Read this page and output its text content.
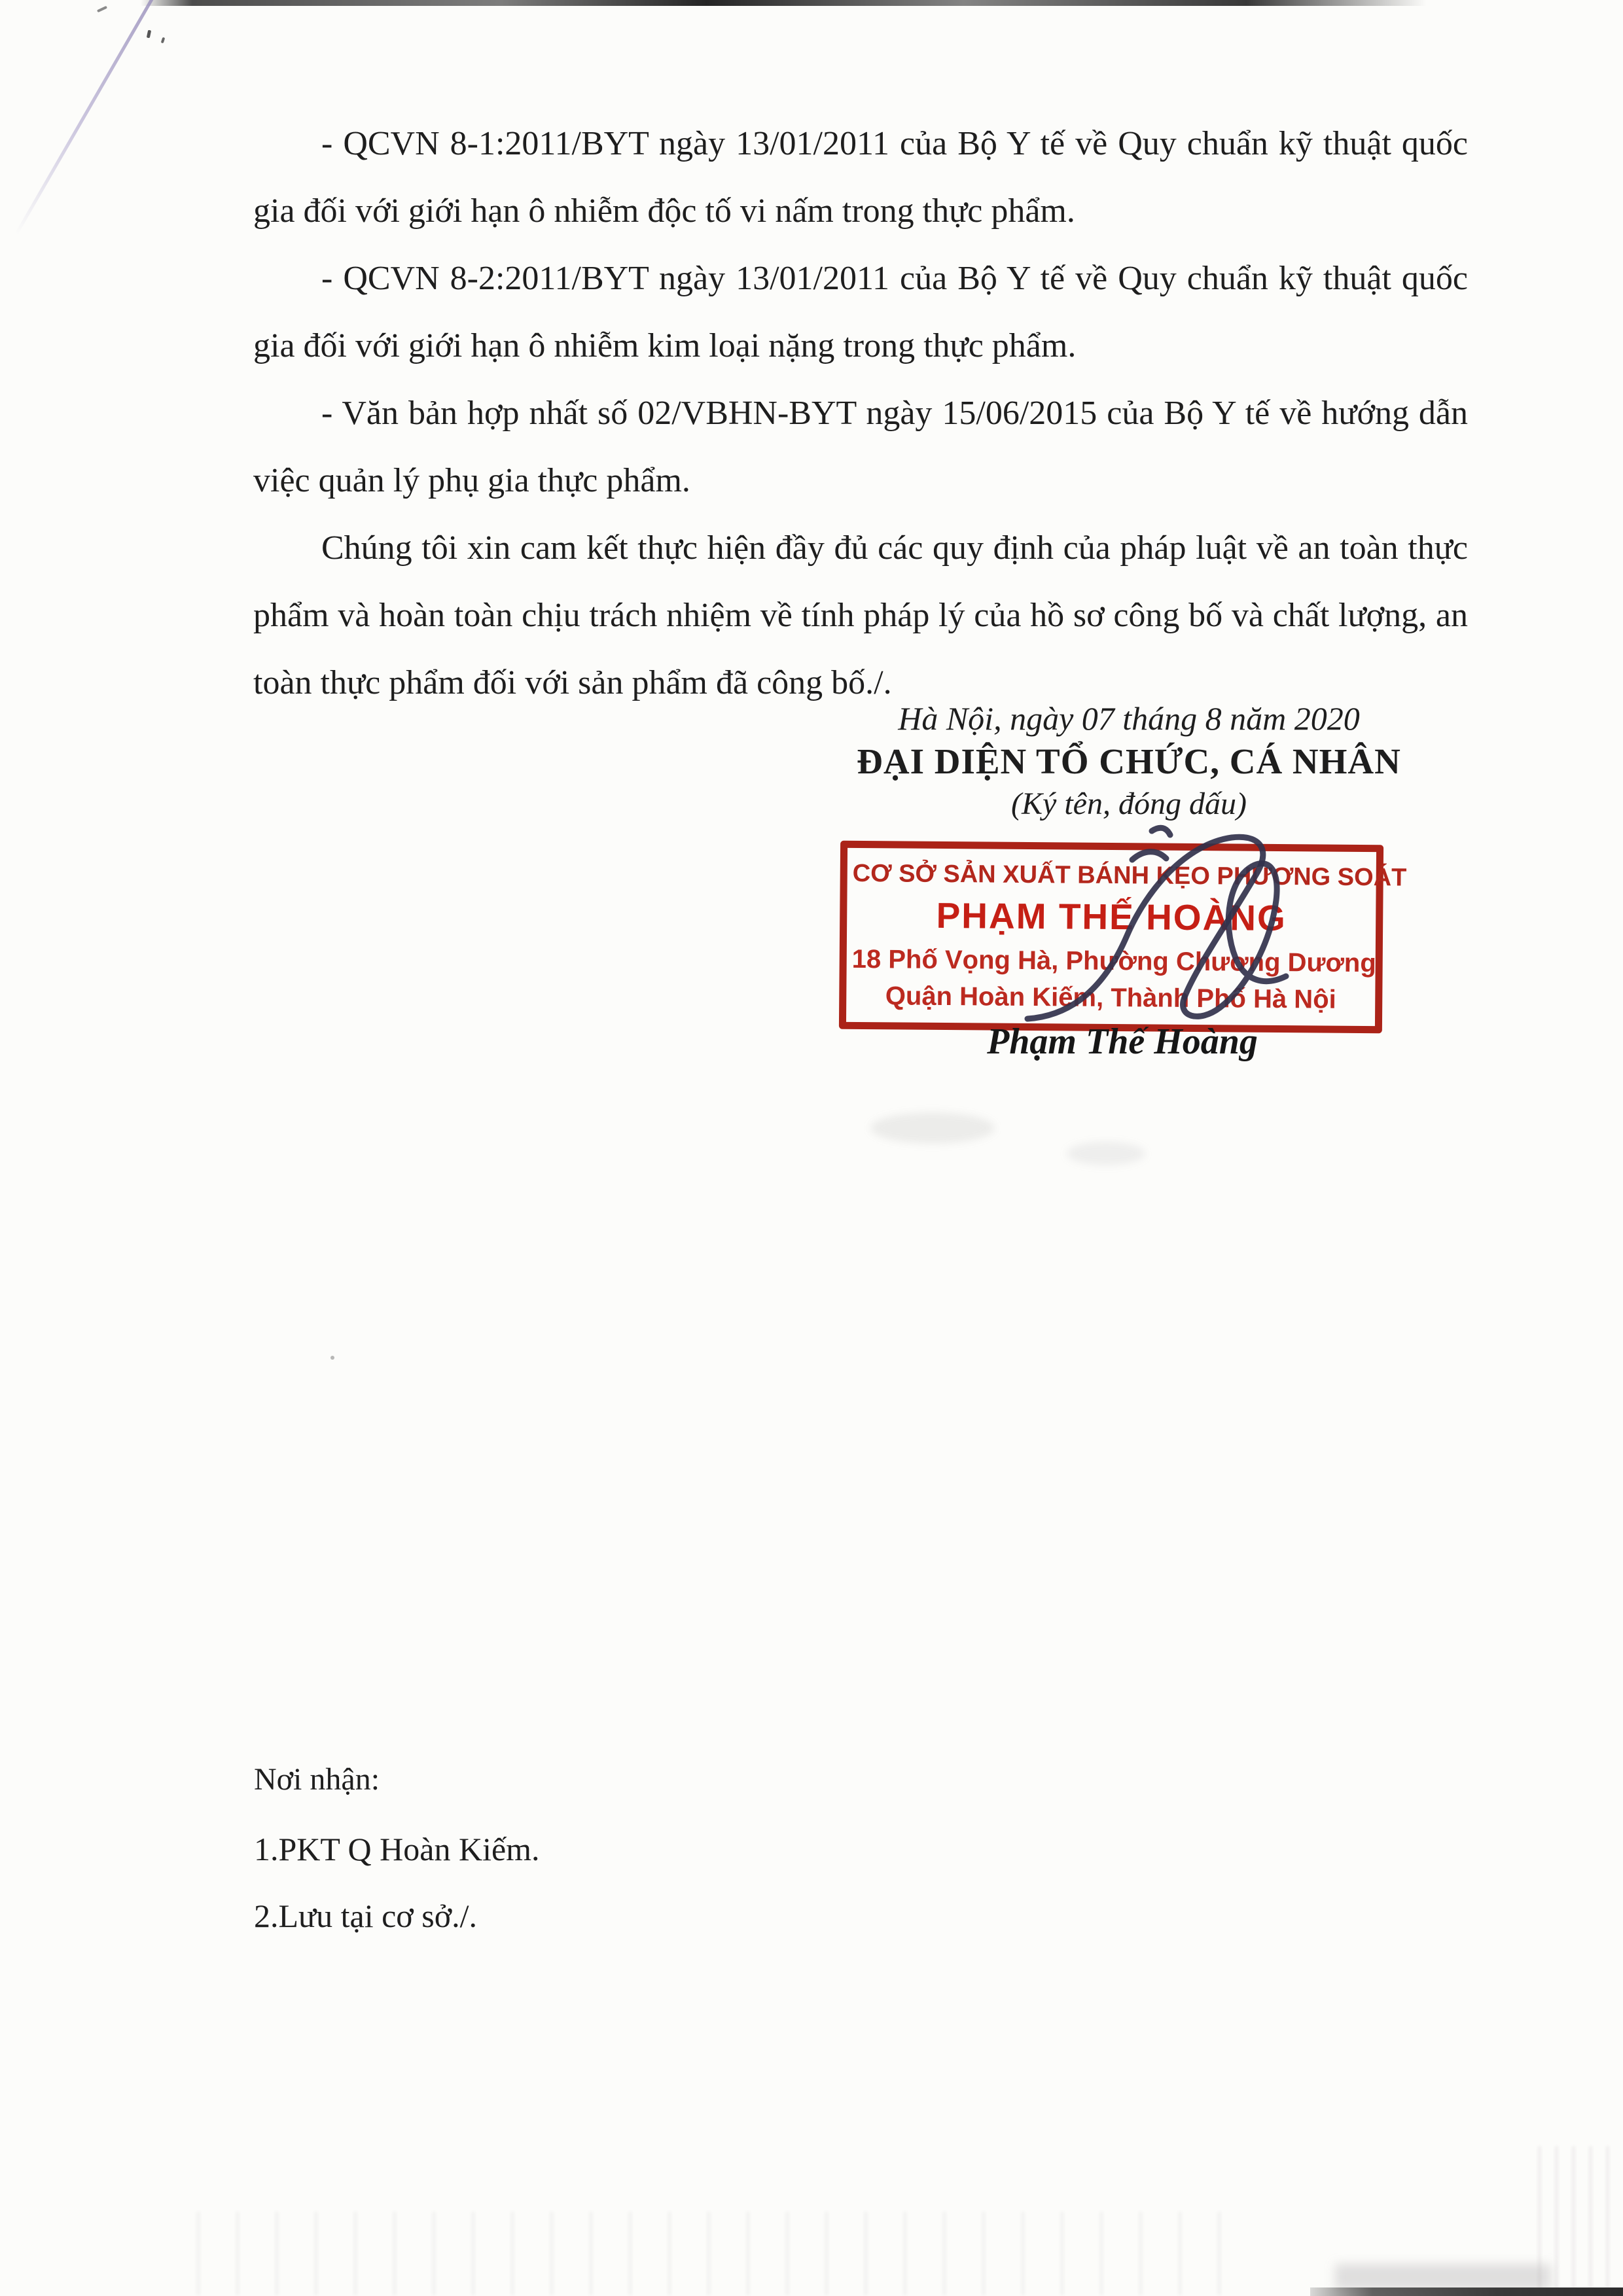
- QCVN 8-1:2011/BYT ngày 13/01/2011 của Bộ Y tế về Quy chuẩn kỹ thuật quốc gia đối với giới hạn ô nhiễm độc tố vi nấm trong thực phẩm.

- QCVN 8-2:2011/BYT ngày 13/01/2011 của Bộ Y tế về Quy chuẩn kỹ thuật quốc gia đối với giới hạn ô nhiễm kim loại nặng trong thực phẩm.

- Văn bản hợp nhất số 02/VBHN-BYT ngày 15/06/2015 của Bộ Y tế về hướng dẫn việc quản lý phụ gia thực phẩm.

Chúng tôi xin cam kết thực hiện đầy đủ các quy định của pháp luật về an toàn thực phẩm và hoàn toàn chịu trách nhiệm về tính pháp lý của hồ sơ công bố và chất lượng, an toàn thực phẩm đối với sản phẩm đã công bố./.

Hà Nội, ngày 07 tháng 8 năm 2020
ĐẠI DIỆN TỔ CHỨC, CÁ NHÂN
(Ký tên, đóng dấu)
CƠ SỞ SẢN XUẤT BÁNH KẸO PHƯƠNG SOÁT
PHẠM THẾ HOÀNG
18 Phố Vọng Hà, Phường Chương Dương
Quận Hoàn Kiếm, Thành Phố Hà Nội
Phạm Thế Hoàng

Nơi nhận:

1.PKT Q Hoàn Kiếm.

2.Lưu tại cơ sở./.
